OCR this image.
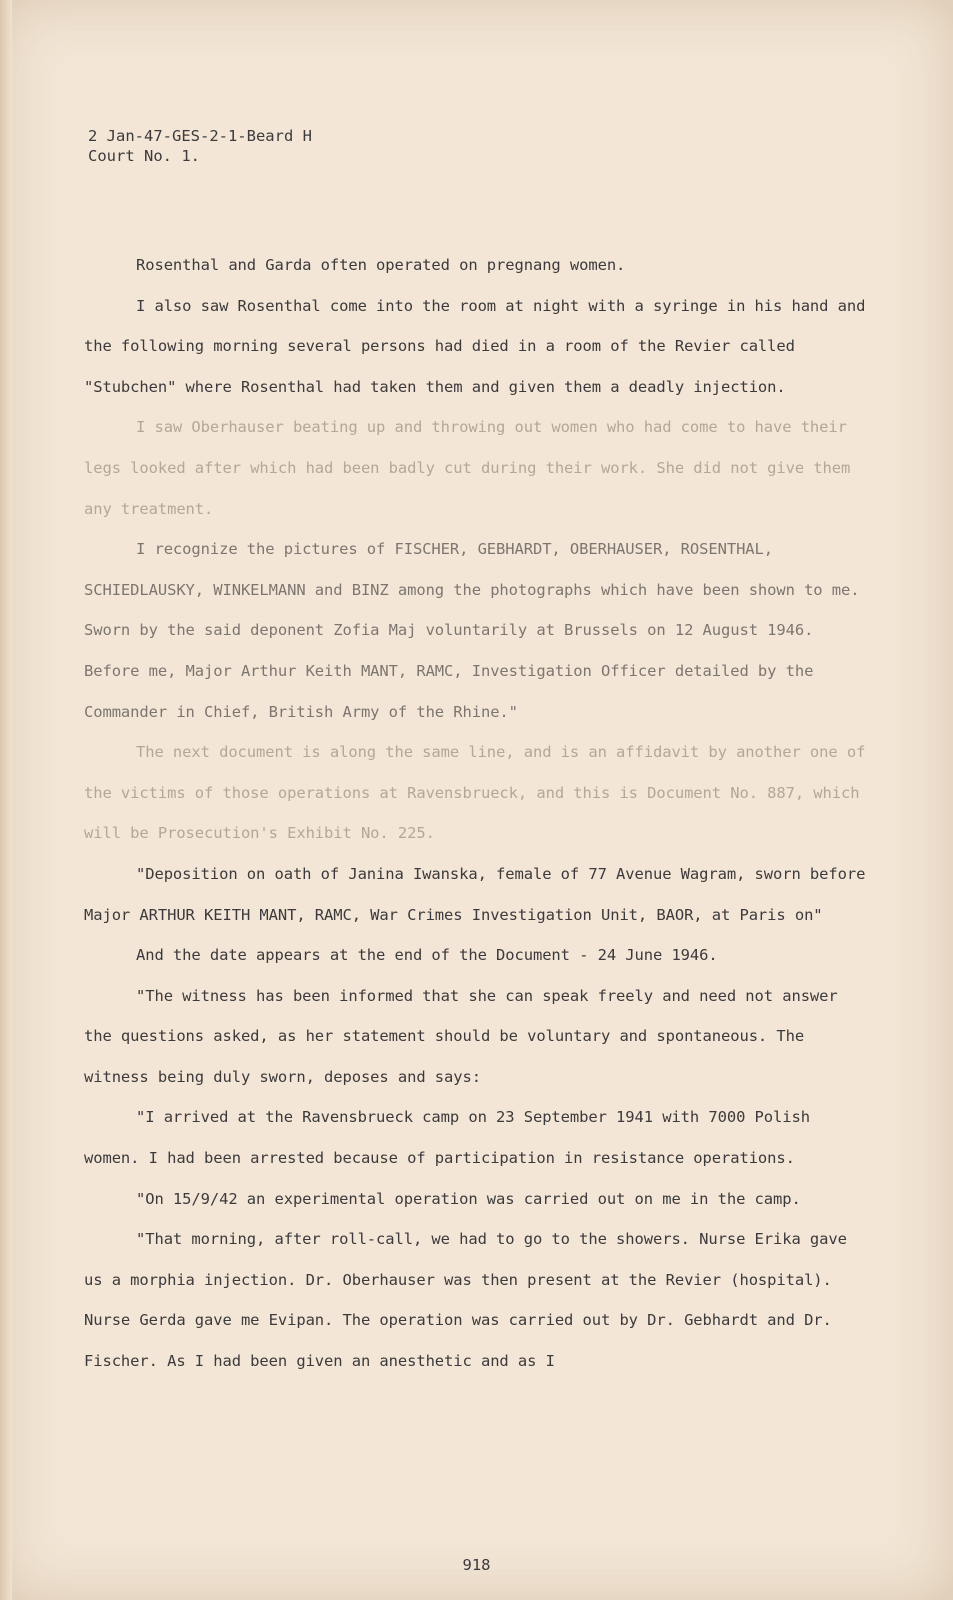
2 Jan-47-GES-2-1-Beard H
Court No. 1.

Rosenthal and Garda often operated on pregnang women.

I also saw Rosenthal come into the room at night with a syringe in his hand and the following morning several persons had died in a room of the Revier called "Stubchen" where Rosenthal had taken them and given them a deadly injection.

I saw Oberhauser beating up and throwing out women who had come to have their legs looked after which had been badly cut during their work. She did not give them any treatment.

I recognize the pictures of FISCHER, GEBHARDT, OBERHAUSER, ROSENTHAL, SCHIEDLAUSKY, WINKELMANN and BINZ among the photographs which have been shown to me. Sworn by the said deponent Zofia Maj voluntarily at Brussels on 12 August 1946. Before me, Major Arthur Keith MANT, RAMC, Investigation Officer detailed by the Commander in Chief, British Army of the Rhine."

The next document is along the same line, and is an affidavit by another one of the victims of those operations at Ravensbrueck, and this is Document No. 887, which will be Prosecution's Exhibit No. 225.

"Deposition on oath of Janina Iwanska, female of 77 Avenue Wagram, sworn before Major ARTHUR KEITH MANT, RAMC, War Crimes Investigation Unit, BAOR, at Paris on"

And the date appears at the end of the Document - 24 June 1946.

"The witness has been informed that she can speak freely and need not answer the questions asked, as her statement should be voluntary and spontaneous. The witness being duly sworn, deposes and says:

"I arrived at the Ravensbrueck camp on 23 September 1941 with 7000 Polish women. I had been arrested because of participation in resistance operations.

"On 15/9/42 an experimental operation was carried out on me in the camp.

"That morning, after roll-call, we had to go to the showers. Nurse Erika gave us a morphia injection. Dr. Oberhauser was then present at the Revier (hospital). Nurse Gerda gave me Evipan. The operation was carried out by Dr. Gebhardt and Dr. Fischer. As I had been given an anesthetic and as I

918
